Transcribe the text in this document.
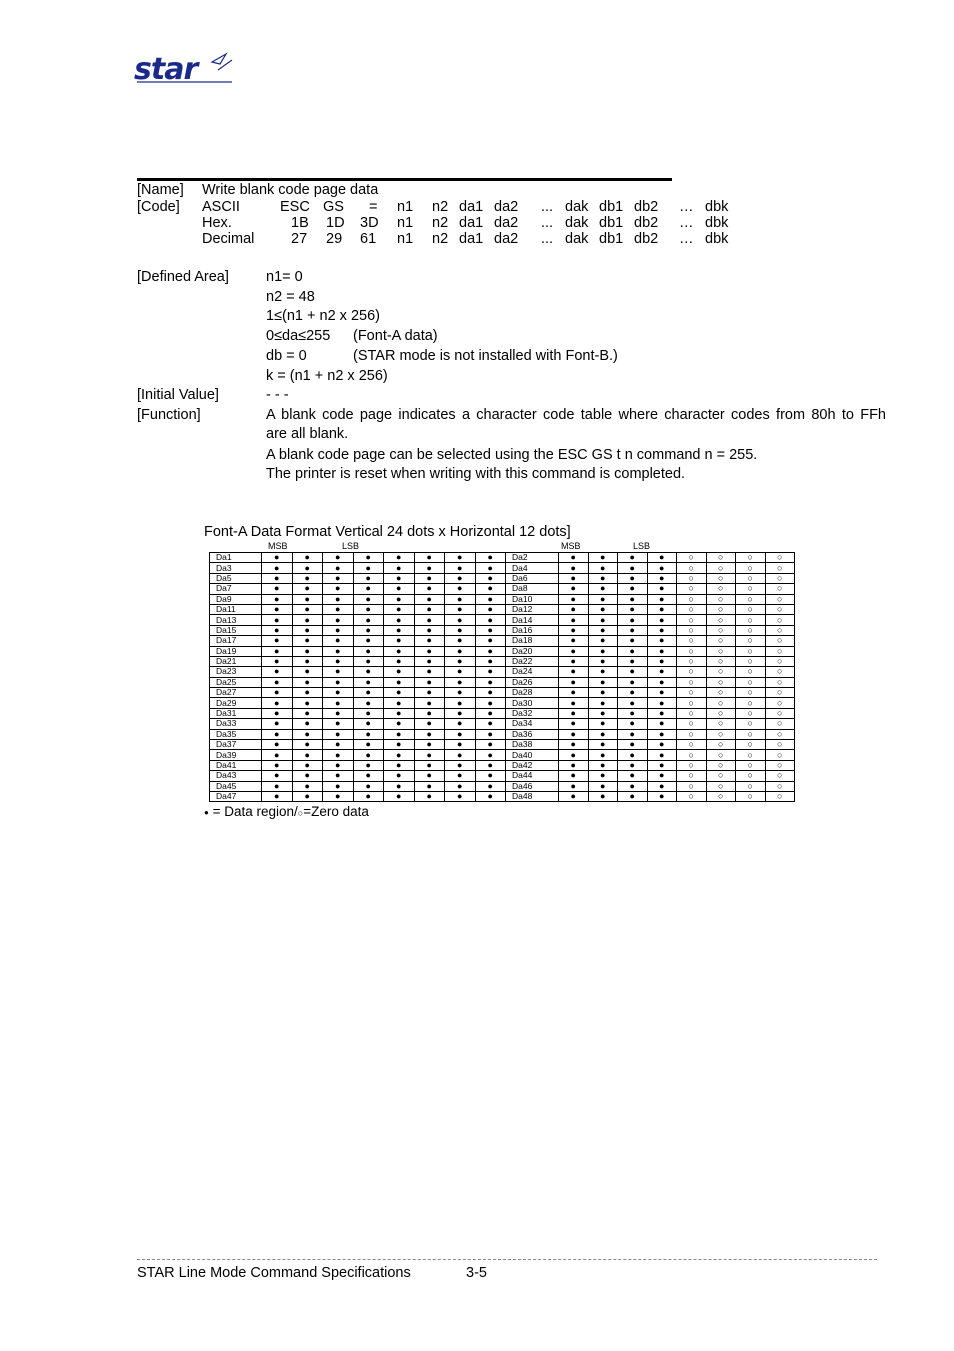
star
[Name] Write blank code page data
[Code] ASCII	ESC GS = n1 n2 da1 da2 ... dak db1 db2 … dbk
Hex.	1B 1D 3D n1 n2 da1 da2 ... dak db1 db2 … dbk
Decimal	27 29 61 n1 n2 da1 da2 ... dak db1 db2 … dbk
[Defined Area]	n1= 0
n2 = 48
1≤(n1 + n2 x 256)
0≤da≤255 (Font-A data)
db = 0	(STAR mode is not installed with Font-B.)
k = (n1 + n2 x 256)
[Initial Value]	- - -
[Function]	A blank code page indicates a character code table where character codes from 80h to FFh
are all blank.
A blank code page can be selected using the ESC GS t n command n = 255.
The printer is reset when writing with this command is completed.
Font-A Data Format Vertical 24 dots x Horizontal 12 dots]
MSB	LSB	MSB	LSB
Da1	●	●	●	●	●	●	●	●	Da2	●	●	●	●	○	○	○	○
Da3	●	●	●	●	●	●	●	●	Da4	●	●	●	●	○	○	○	○
Da5	●	●	●	●	●	●	●	●	Da6	●	●	●	●	○	○	○	○
Da7	●	●	●	●	●	●	●	●	Da8	●	●	●	●	○	○	○	○
Da9	●	●	●	●	●	●	●	●	Da10	●	●	●	●	○	○	○	○
Da11	●	●	●	●	●	●	●	●	Da12	●	●	●	●	○	○	○	○
Da13	●	●	●	●	●	●	●	●	Da14	●	●	●	●	○	○	○	○
Da15	●	●	●	●	●	●	●	●	Da16	●	●	●	●	○	○	○	○
Da17	●	●	●	●	●	●	●	●	Da18	●	●	●	●	○	○	○	○
Da19	●	●	●	●	●	●	●	●	Da20	●	●	●	●	○	○	○	○
Da21	●	●	●	●	●	●	●	●	Da22	●	●	●	●	○	○	○	○
Da23	●	●	●	●	●	●	●	●	Da24	●	●	●	●	○	○	○	○
Da25	●	●	●	●	●	●	●	●	Da26	●	●	●	●	○	○	○	○
Da27	●	●	●	●	●	●	●	●	Da28	●	●	●	●	○	○	○	○
Da29	●	●	●	●	●	●	●	●	Da30	●	●	●	●	○	○	○	○
Da31	●	●	●	●	●	●	●	●	Da32	●	●	●	●	○	○	○	○
Da33	●	●	●	●	●	●	●	●	Da34	●	●	●	●	○	○	○	○
Da35	●	●	●	●	●	●	●	●	Da36	●	●	●	●	○	○	○	○
Da37	●	●	●	●	●	●	●	●	Da38	●	●	●	●	○	○	○	○
Da39	●	●	●	●	●	●	●	●	Da40	●	●	●	●	○	○	○	○
Da41	●	●	●	●	●	●	●	●	Da42	●	●	●	●	○	○	○	○
Da43	●	●	●	●	●	●	●	●	Da44	●	●	●	●	○	○	○	○
Da45	●	●	●	●	●	●	●	●	Da46	●	●	●	●	○	○	○	○
Da47	●	●	●	●	●	●	●	●	Da48	●	●	●	●	○	○	○	○
● = Data region/○=Zero data
STAR Line Mode Command Specifications	3-5
